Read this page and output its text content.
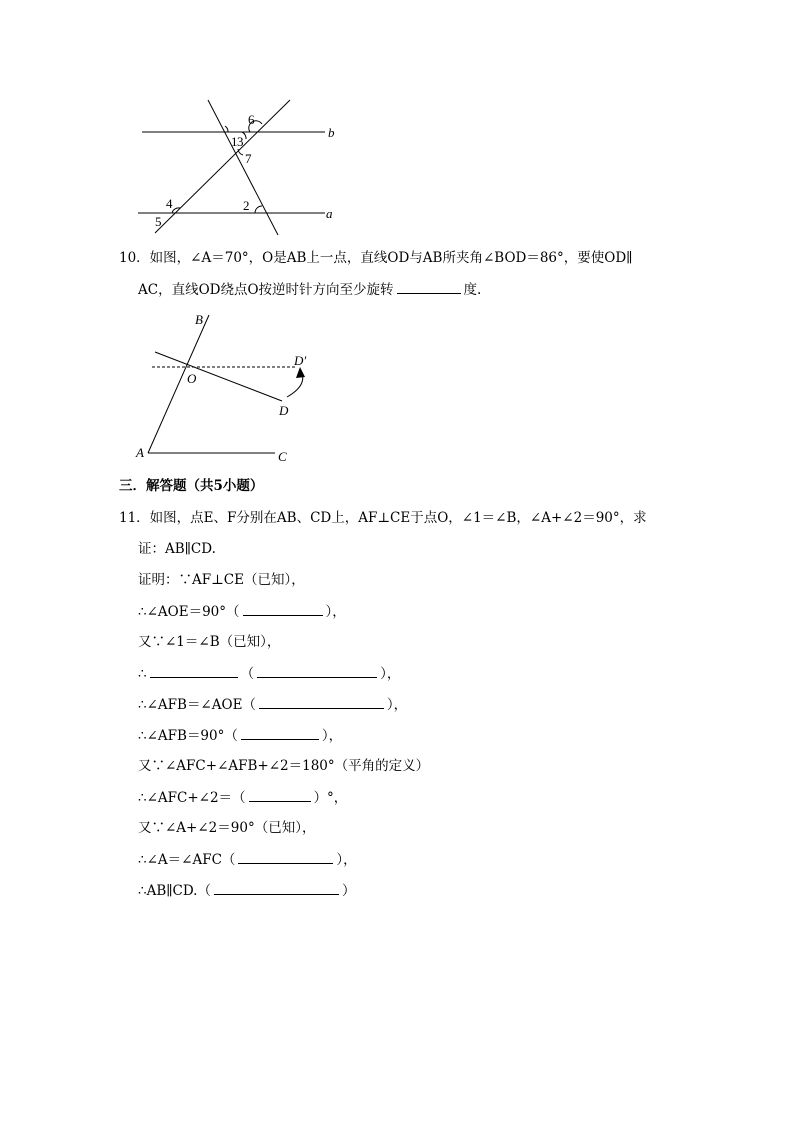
6
1 3
7
4
5
2
b
a
10．如图，∠A＝70°，O是AB上一点，直线OD与AB所夹角∠BOD＝86°，要使OD∥
AC，直线OD绕点O按逆时针方向至少旋转	度.
B
D′
O
D
A	C
三．解答题（共5小题）
11．如图，点E、F分别在AB、CD上，AF⊥CE于点O，∠1＝∠B，∠A+∠2＝90°，求
证：AB∥CD.
证明：∵AF⊥CE（已知），
∴∠AOE＝90°（	），
又∵∠1＝∠B（已知），
∴	（	），
∴∠AFB＝∠AOE（	），
∴∠AFB＝90°（	），
又∵∠AFC+∠AFB+∠2＝180°（平角的定义）
∴∠AFC+∠2＝（	）°，
又∵∠A+∠2＝90°（已知），
∴∠A＝∠AFC（	），
∴AB∥CD.（	）
